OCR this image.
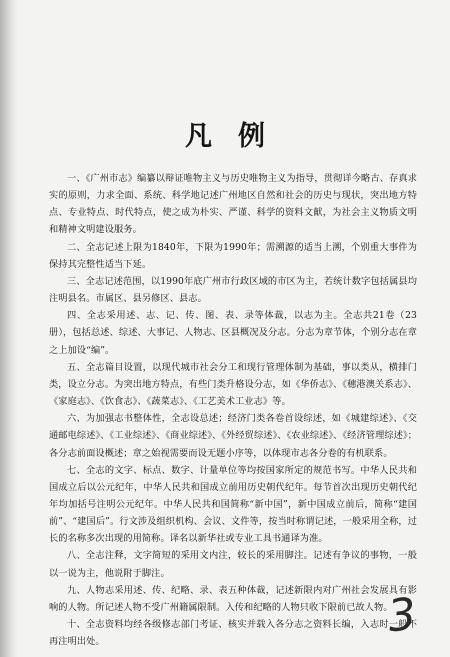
凡例

一、《广州市志》编纂以辩证唯物主义与历史唯物主义为指导，贯彻详今略古、存真求实的原则，力求全面、系统、科学地记述广州地区自然和社会的历史与现状，突出地方特点、专业特点、时代特点，使之成为朴实、严谨、科学的资料文献，为社会主义物质文明和精神文明建设服务。

二、全志记述上限为1840年，下限为1990年；需溯源的适当上溯，个别重大事件为保持其完整性适当下延。

三、全志记述范围，以1990年底广州市行政区域的市区为主，若统计数字包括属县均注明县名。市属区、县另修区、县志。

四、全志采用述、志、记、传、图、表、录等体裁，以志为主。全志共21卷（23册），包括总述、综述、大事记、人物志、区县概况及分志。分志为章节体，个别分志在章之上加设“编”。

五、全志篇目设置，以现代城市社会分工和现行管理体制为基础，事以类从，横排门类，设立分志。为突出地方特点，有些门类升格设分志，如《华侨志》、《穗港澳关系志》、《家庭志》、《饮食志》、《蔬菜志》、《工艺美术工业志》等。

六、为加强志书整体性，全志设总述；经济门类各卷首设综述，如《城建综述》、《交通邮电综述》、《工业综述》、《商业综述》、《外经贸综述》、《农业综述》、《经济管理综述》；各分志前面设概述；章之始视需要而设无题小序等，以体现市志各分卷的有机联系。

七、全志的文字、标点、数字、计量单位等均按国家所定的规范书写。中华人民共和国成立后以公元纪年，中华人民共和国成立前用历史朝代纪年。每节首次出现历史朝代纪年均加括号注明公元纪年。中华人民共和国简称“新中国”，新中国成立前后，简称“建国前”、“建国后”。行文涉及组织机构、会议、文件等，按当时称谓记述，一般采用全称，过长的名称多次出现的用简称。译名以新华社或专业工具书通译为准。

八、全志注释，文字简短的采用文内注，较长的采用脚注。记述有争议的事物，一般以一说为主，他说附于脚注。

九、人物志采用述、传、纪略、录、表五种体裁，记述新限内对广州社会发展具有影响的人物。所记述人物不受广州籍属限制。入传和纪略的人物只收下限前已故人物。

十、全志资料均经各级修志部门考证、核实并载入各分志之资料长编，入志时一般不再注明出处。	3
